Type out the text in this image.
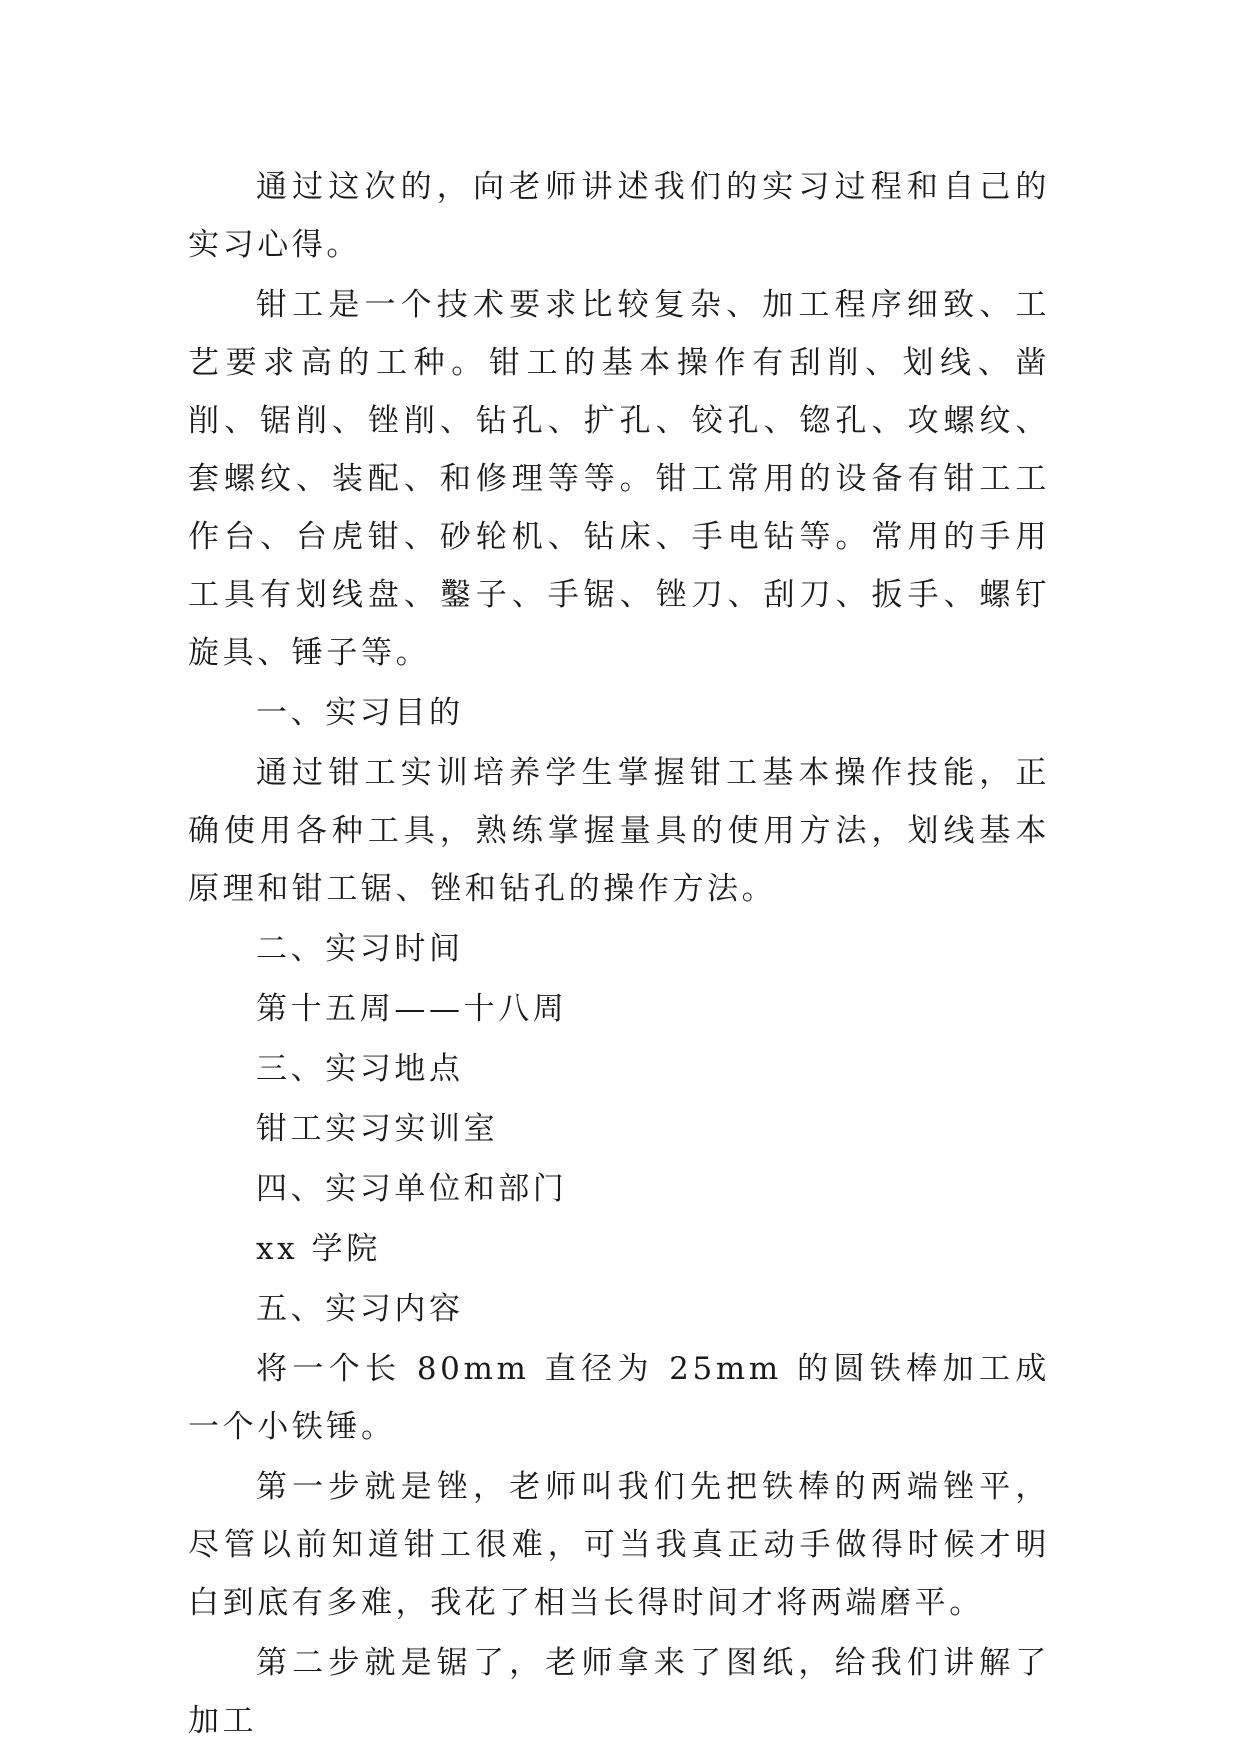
通过这次的，向老师讲述我们的实习过程和自己的实习心得。

钳工是一个技术要求比较复杂、加工程序细致、工艺要求高的工种。钳工的基本操作有刮削、划线、凿削、锯削、锉削、钻孔、扩孔、铰孔、锪孔、攻螺纹、套螺纹、装配、和修理等等。钳工常用的设备有钳工工作台、台虎钳、砂轮机、钻床、手电钻等。常用的手用工具有划线盘、鑿子、手锯、锉刀、刮刀、扳手、螺钉旋具、锤子等。

一、实习目的

通过钳工实训培养学生掌握钳工基本操作技能，正确使用各种工具，熟练掌握量具的使用方法，划线基本原理和钳工锯、锉和钻孔的操作方法。

二、实习时间

第十五周——十八周

三、实习地点

钳工实习实训室

四、实习单位和部门

xx 学院

五、实习内容

将一个长 80mm 直径为 25mm 的圆铁棒加工成一个小铁锤。

第一步就是锉，老师叫我们先把铁棒的两端锉平，尽管以前知道钳工很难，可当我真正动手做得时候才明白到底有多难，我花了相当长得时间才将两端磨平。

第二步就是锯了，老师拿来了图纸，给我们讲解了加工
